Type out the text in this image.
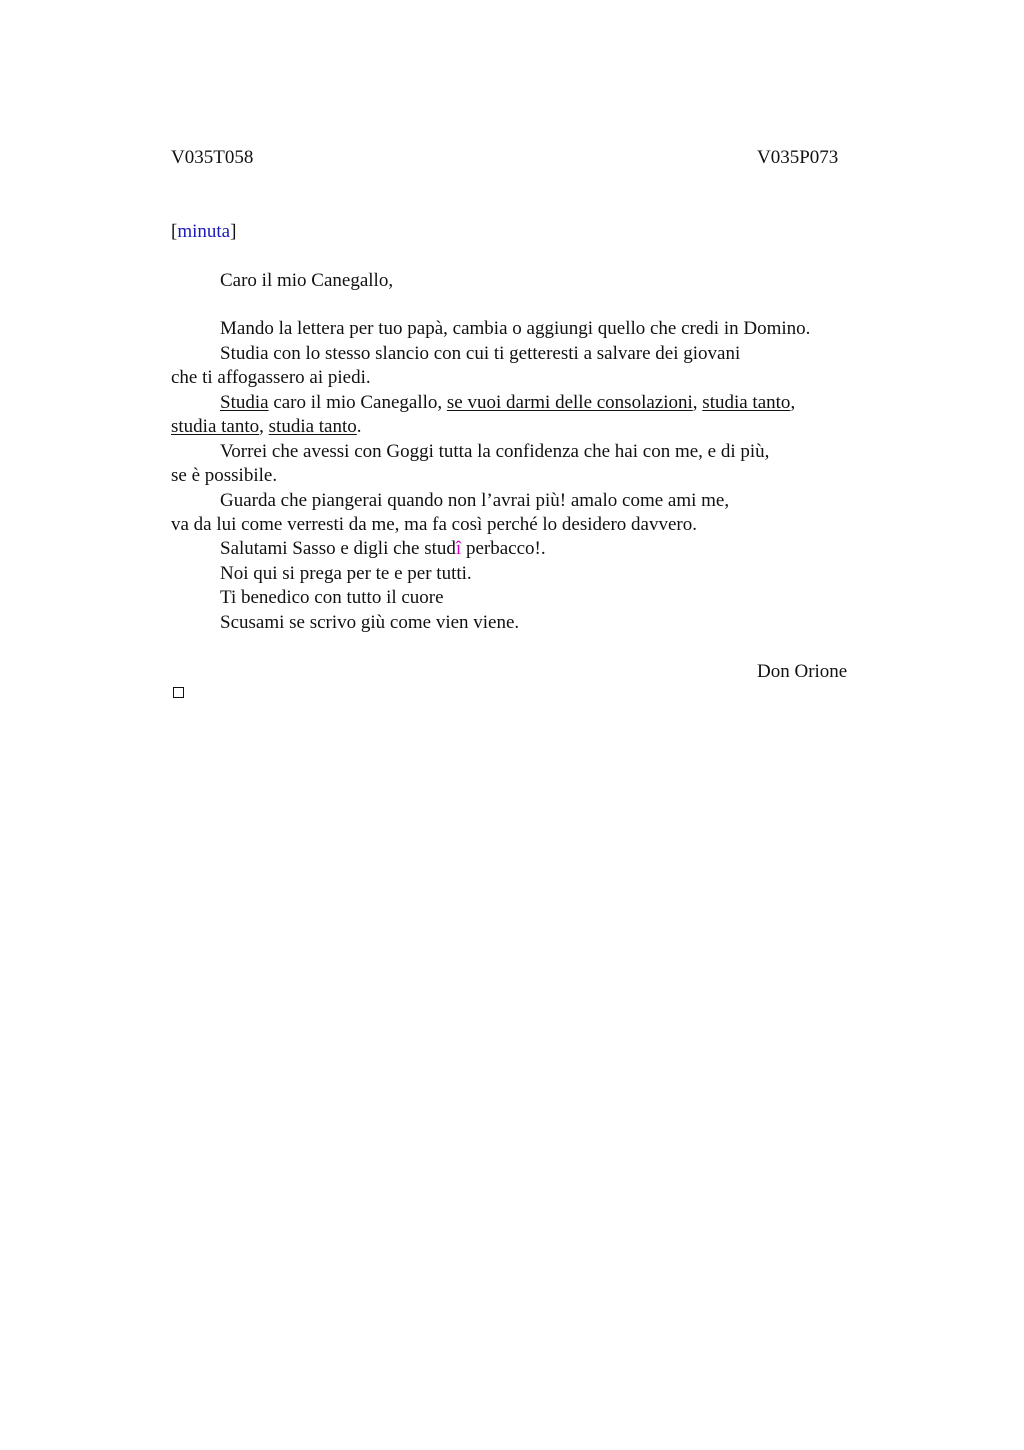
V035T058	V035P073
[minuta]
Caro il mio Canegallo,
Mando la lettera per tuo papà, cambia o aggiungi quello che credi in Domino.
Studia con lo stesso slancio con cui ti getteresti a salvare dei giovani
che ti affogassero ai piedi.
Studia caro il mio Canegallo, se vuoi darmi delle consolazioni, studia tanto,
studia tanto, studia tanto.
Vorrei che avessi con Goggi tutta la confidenza che hai con me, e di più,
se è possibile.
Guarda che piangerai quando non l’avrai più! amalo come ami me,
va da lui come verresti da me, ma fa così perché lo desidero davvero.
Salutami Sasso e digli che studî perbacco!.
Noi qui si prega per te e per tutti.
Ti benedico con tutto il cuore
Scusami se scrivo giù come vien viene.
Don Orione
